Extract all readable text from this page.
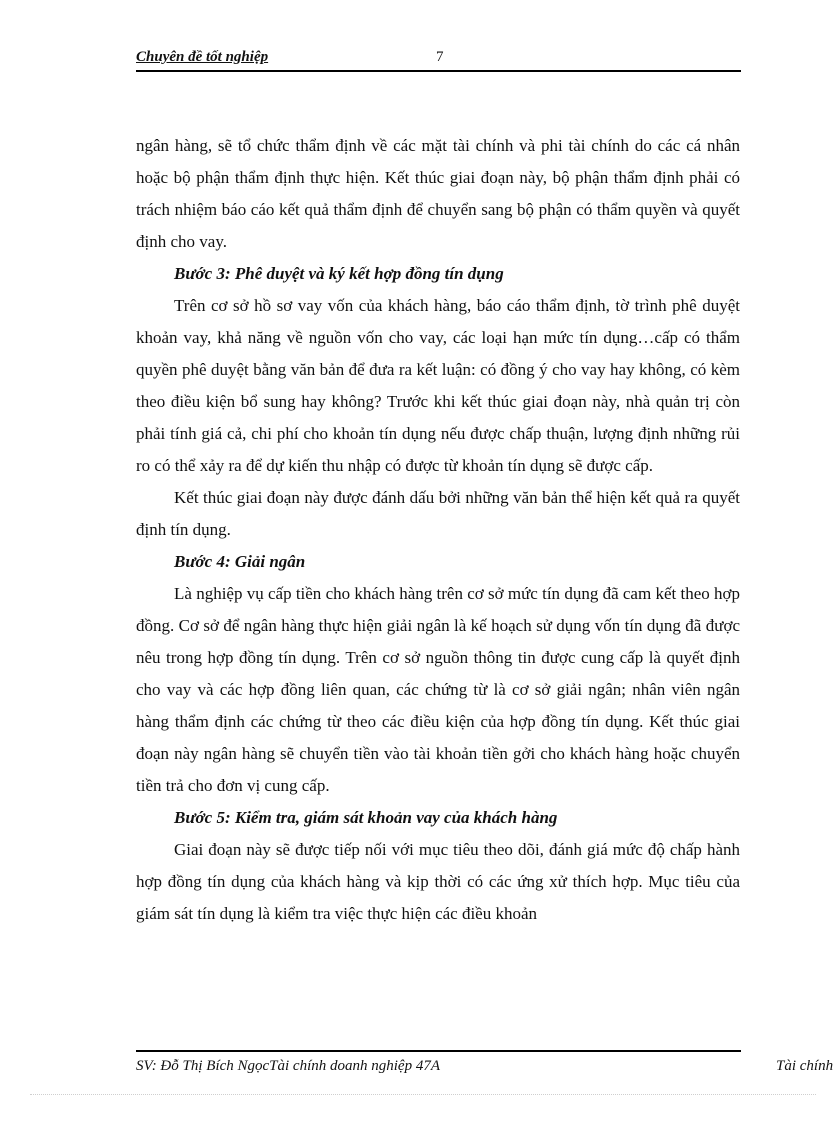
Chuyên đề tốt nghiệp	7

ngân hàng, sẽ tổ chức thẩm định về các mặt tài chính và phi tài chính do các cá nhân hoặc bộ phận thẩm định thực hiện. Kết thúc giai đoạn này, bộ phận thẩm định phải có trách nhiệm báo cáo kết quả thẩm định để chuyển sang bộ phận có thẩm quyền và quyết định cho vay.

Bước 3: Phê duyệt và ký kết hợp đồng tín dụng

Trên cơ sở hồ sơ vay vốn của khách hàng, báo cáo thẩm định, tờ trình phê duyệt khoản vay, khả năng về nguồn vốn cho vay, các loại hạn mức tín dụng…cấp có thẩm quyền phê duyệt bằng văn bản để đưa ra kết luận: có đồng ý cho vay hay không, có kèm theo điều kiện bổ sung hay không? Trước khi kết thúc giai đoạn này, nhà quản trị còn phải tính giá cả, chi phí cho khoản tín dụng nếu được chấp thuận, lượng định những rủi ro có thể xảy ra để dự kiến thu nhập có được từ khoản tín dụng sẽ được cấp.

Kết thúc giai đoạn này được đánh dấu bởi những văn bản thể hiện kết quả ra quyết định tín dụng.

Bước 4: Giải ngân

Là nghiệp vụ cấp tiền cho khách hàng trên cơ sở mức tín dụng đã cam kết theo hợp đồng. Cơ sở để ngân hàng thực hiện giải ngân là kế hoạch sử dụng vốn tín dụng đã được nêu trong hợp đồng tín dụng. Trên cơ sở nguồn thông tin được cung cấp là quyết định cho vay và các hợp đồng liên quan, các chứng từ là cơ sở giải ngân; nhân viên ngân hàng thẩm định các chứng từ theo các điều kiện của hợp đồng tín dụng. Kết thúc giai đoạn này ngân hàng sẽ chuyển tiền vào tài khoản tiền gởi cho khách hàng hoặc chuyển tiền trả cho đơn vị cung cấp.

Bước 5: Kiểm tra, giám sát khoản vay của khách hàng

Giai đoạn này sẽ được tiếp nối với mục tiêu theo dõi, đánh giá mức độ chấp hành hợp đồng tín dụng của khách hàng và kịp thời có các ứng xử thích hợp. Mục tiêu của giám sát tín dụng là kiểm tra việc thực hiện các điều khoản

SV: Đỗ Thị Bích NgọcTài chính doanh nghiệp 47A	Tài chính
